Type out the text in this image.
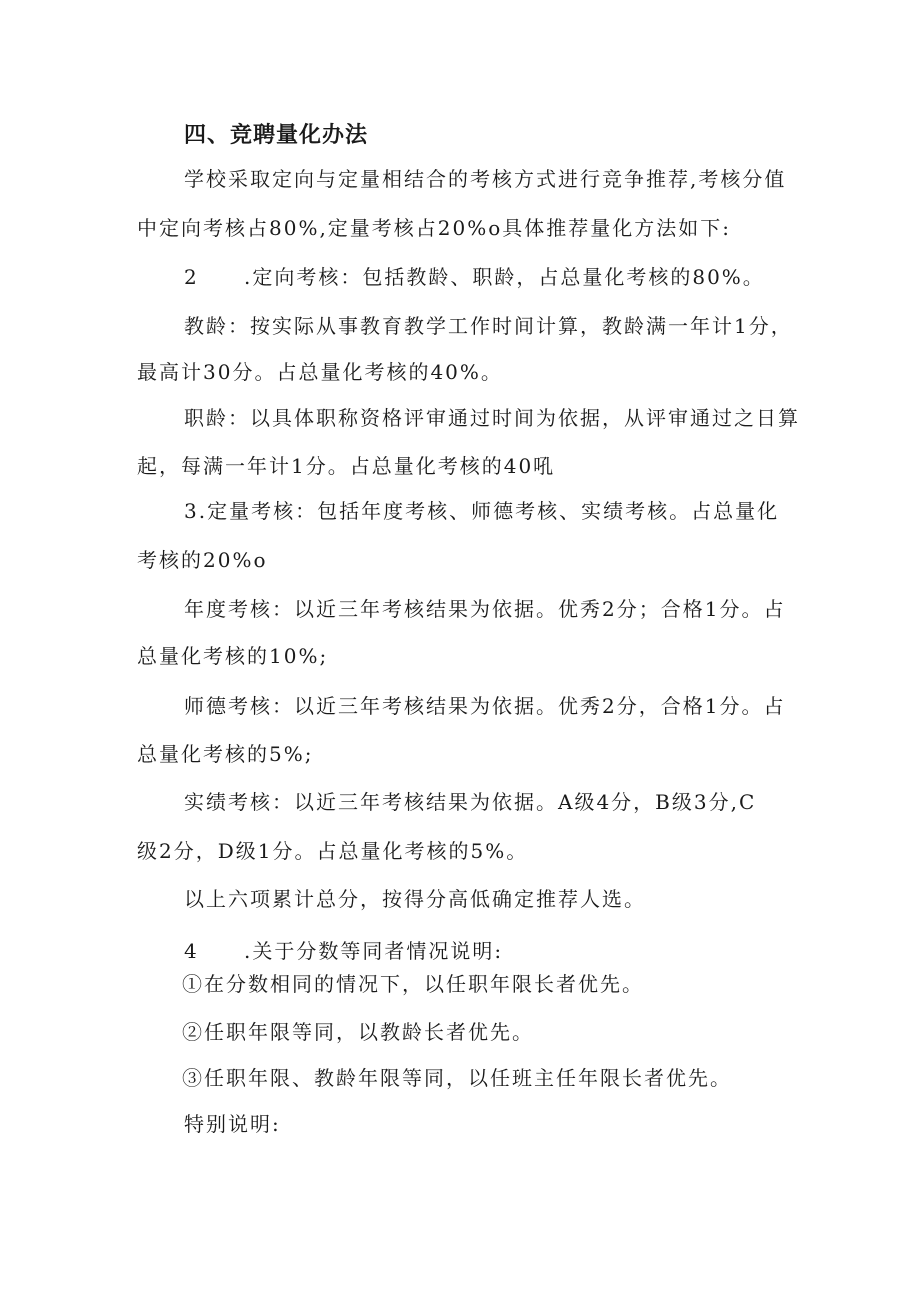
四、竞聘量化办法
学校采取定向与定量相结合的考核方式进行竞争推荐,考核分值
中定向考核占80%,定量考核占20%o具体推荐量化方法如下:
2 .定向考核：包括教龄、职龄，占总量化考核的80%。
教龄：按实际从事教育教学工作时间计算，教龄满一年计1分，
最高计30分。占总量化考核的40%。
职龄：以具体职称资格评审通过时间为依据，从评审通过之日算
起，每满一年计1分。占总量化考核的40吼
3.定量考核：包括年度考核、师德考核、实绩考核。占总量化
考核的20%o
年度考核：以近三年考核结果为依据。优秀2分；合格1分。占
总量化考核的10%;
师德考核：以近三年考核结果为依据。优秀2分，合格1分。占
总量化考核的5%;
实绩考核：以近三年考核结果为依据。A级4分，B级3分,C
级2分，D级1分。占总量化考核的5%。
以上六项累计总分，按得分高低确定推荐人选。
4 .关于分数等同者情况说明:
①在分数相同的情况下，以任职年限长者优先。
②任职年限等同，以教龄长者优先。
③任职年限、教龄年限等同，以任班主任年限长者优先。
特别说明:
